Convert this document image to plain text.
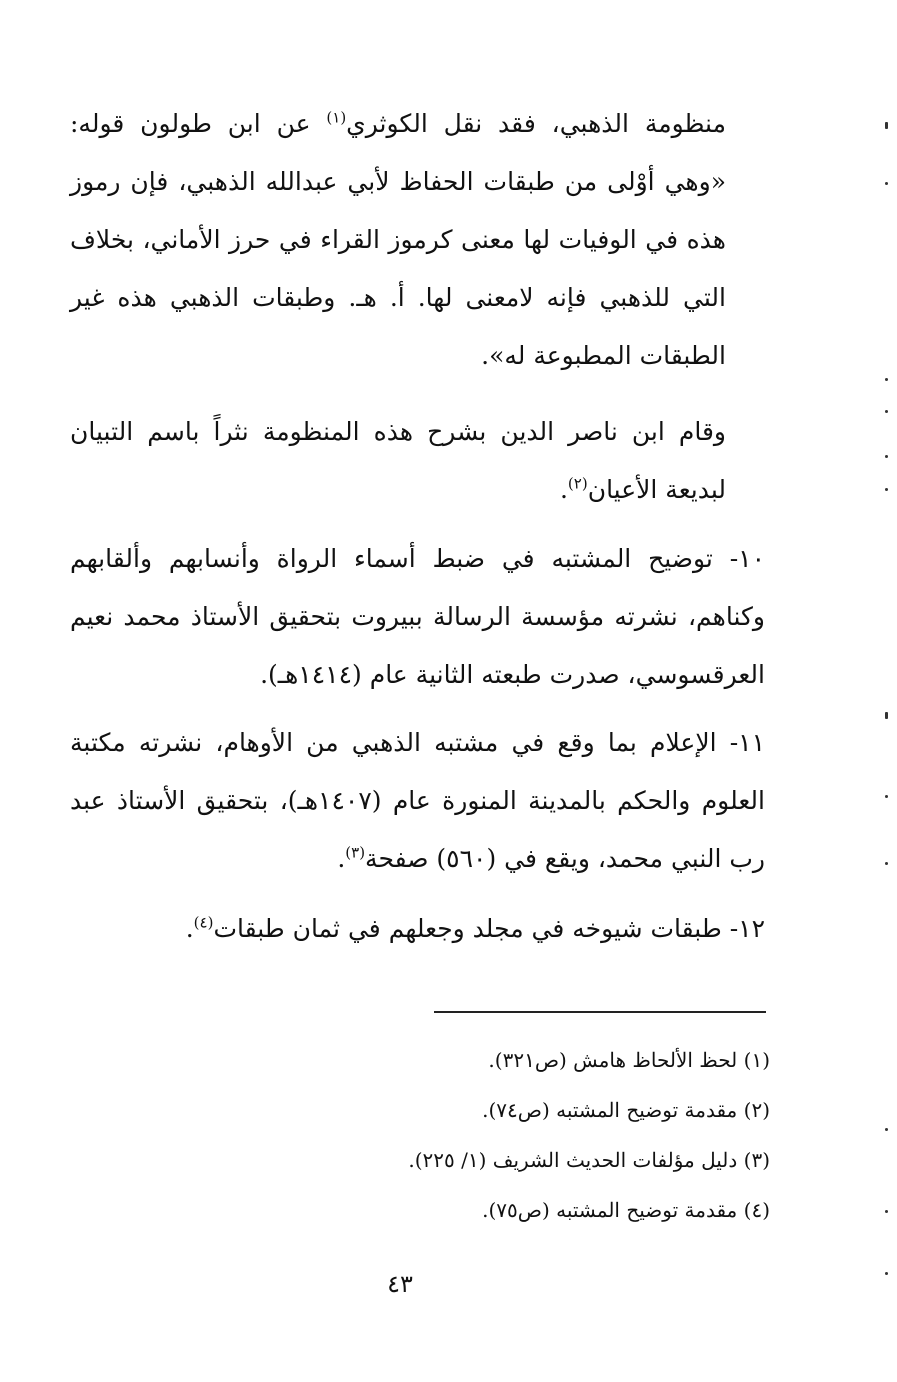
منظومة الذهبي، فقد نقل الكوثري$^{(١)}$ عن ابن طولون قوله: «وهي أوْلى من طبقات الحفاظ لأبي عبدالله الذهبي، فإن رموز هذه في الوفيات لها معنى كرموز القراء في حرز الأماني، بخلاف التي للذهبي فإنه لامعنى لها. أ. هـ. وطبقات الذهبي هذه غير الطبقات المطبوعة له».
وقام ابن ناصر الدين بشرح هذه المنظومة نثراً باسم التبيان لبديعة الأعيان$^{(٢)}$.
١٠- توضيح المشتبه في ضبط أسماء الرواة وأنسابهم وألقابهم وكناهم، نشرته مؤسسة الرسالة ببيروت بتحقيق الأستاذ محمد نعيم العرقسوسي، صدرت طبعته الثانية عام (١٤١٤هـ).
١١- الإعلام بما وقع في مشتبه الذهبي من الأوهام، نشرته مكتبة العلوم والحكم بالمدينة المنورة عام (١٤٠٧هـ)، بتحقيق الأستاذ عبد رب النبي محمد، ويقع في (٥٦٠) صفحة$^{(٣)}$.
١٢- طبقات شيوخه في مجلد وجعلهم في ثمان طبقات$^{(٤)}$.
(١) لحظ الألحاظ هامش (ص٣٢١).
(٢) مقدمة توضيح المشتبه (ص٧٤).
(٣) دليل مؤلفات الحديث الشريف (١/ ٢٢٥).
(٤) مقدمة توضيح المشتبه (ص٧٥).
٤٣
